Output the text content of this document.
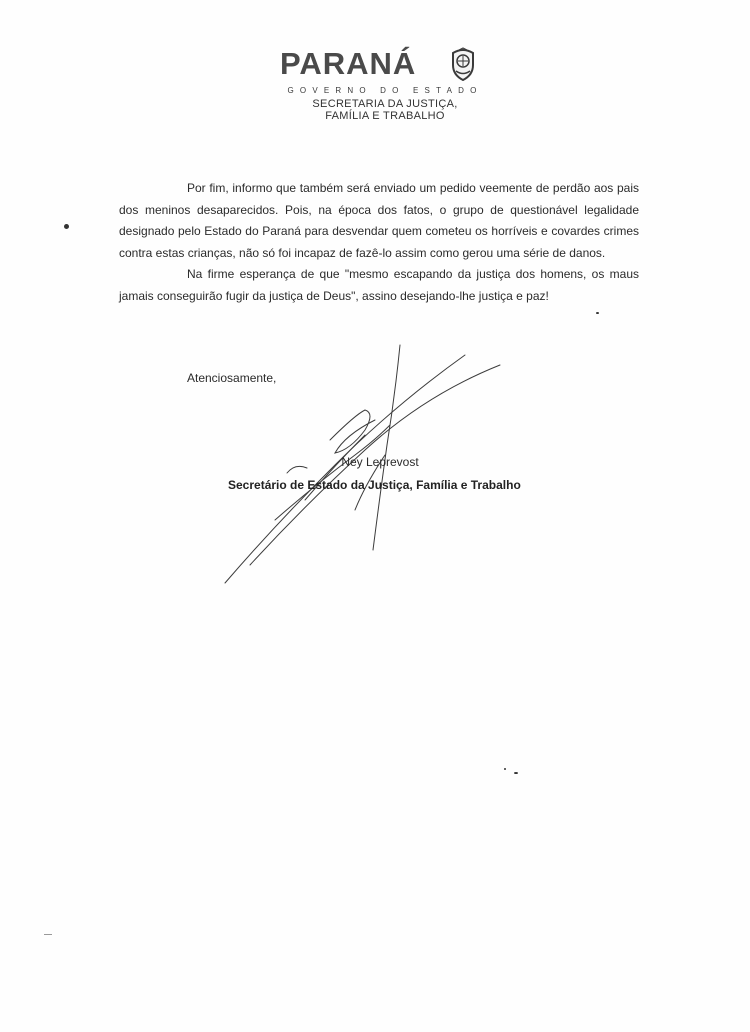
PARANÁ
GOVERNO DO ESTADO
SECRETARIA DA JUSTIÇA,
FAMÍLIA E TRABALHO

Por fim, informo que também será enviado um pedido veemente de perdão aos pais dos meninos desaparecidos. Pois, na época dos fatos, o grupo de questionável legalidade designado pelo Estado do Paraná para desvendar quem cometeu os horríveis e covardes crimes contra estas crianças, não só foi incapaz de fazê-lo assim como gerou uma série de danos.

Na firme esperança de que "mesmo escapando da justiça dos homens, os maus jamais conseguirão fugir da justiça de Deus", assino desejando-lhe justiça e paz!

Atenciosamente,
Ney Leprevost
Secretário de Estado da Justiça, Família e Trabalho
